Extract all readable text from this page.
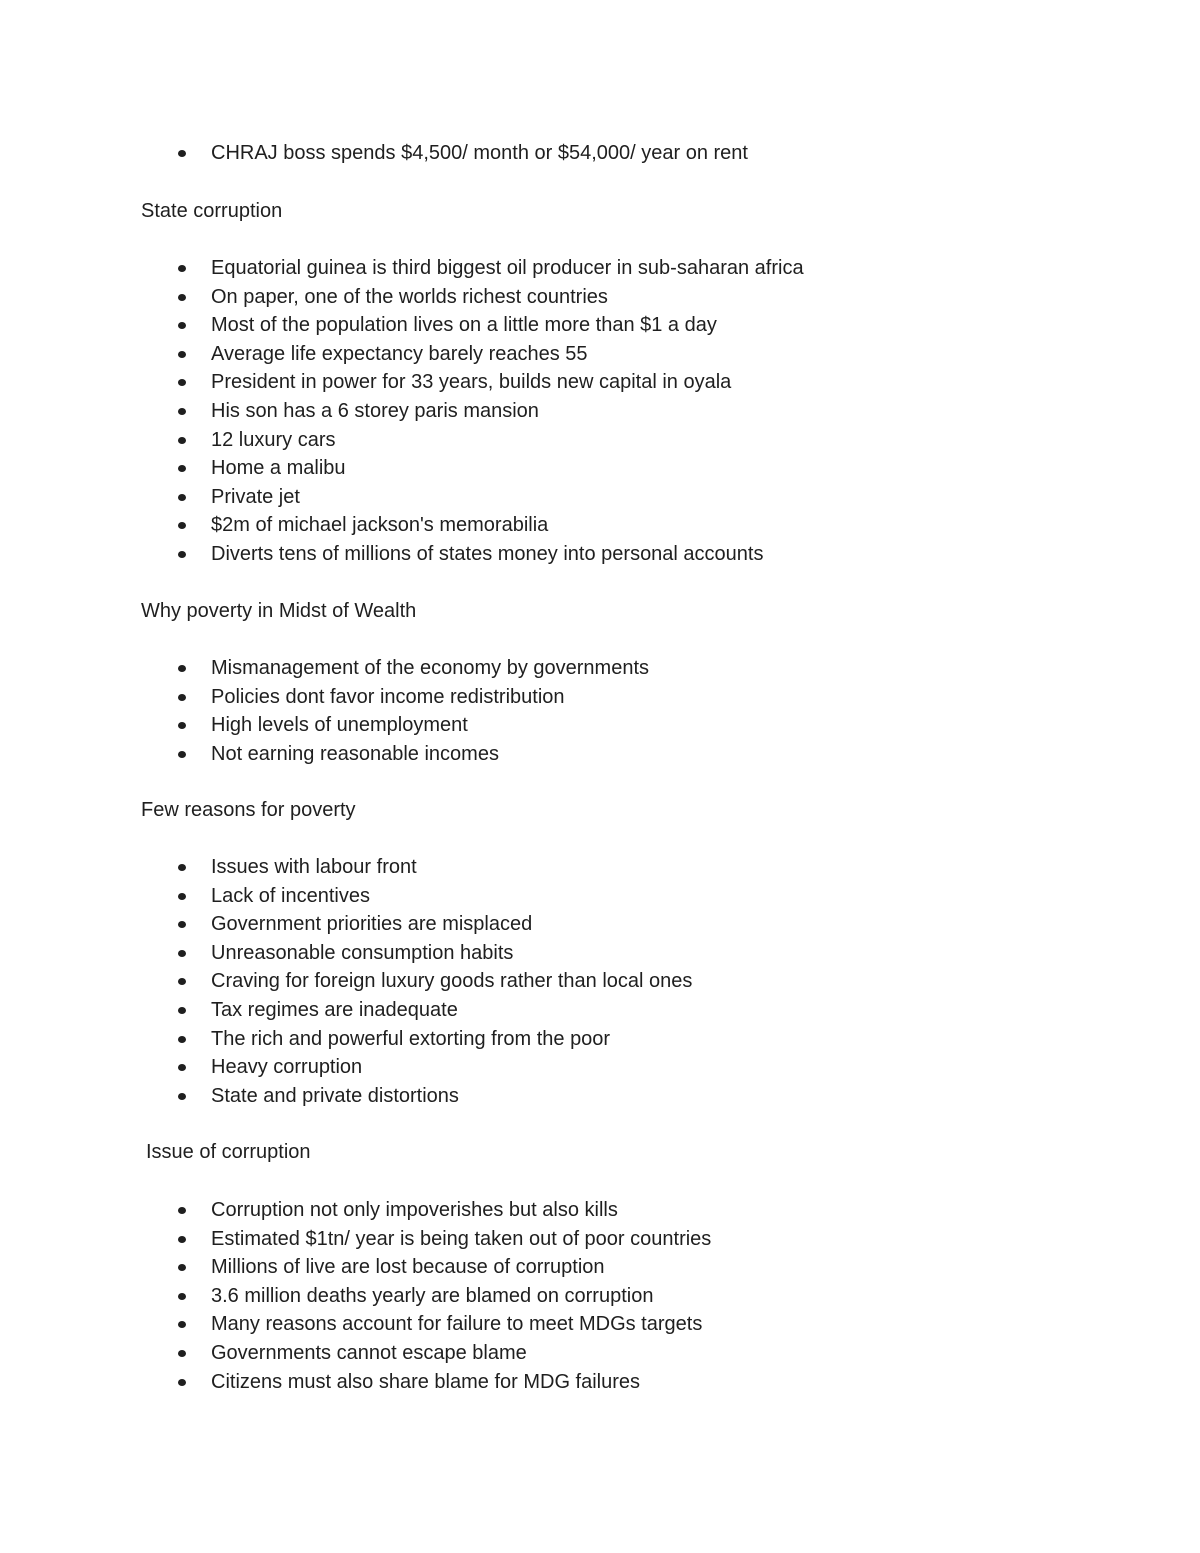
CHRAJ boss spends $4,500/ month or $54,000/ year on rent
State corruption
Equatorial guinea is third biggest oil producer in sub-saharan africa
On paper, one of the worlds richest countries
Most of the population lives on a little more than $1 a day
Average life expectancy barely reaches 55
President in power for 33 years, builds new capital in oyala
His son has a 6 storey paris mansion
12 luxury cars
Home a malibu
Private jet
$2m of michael jackson's memorabilia
Diverts tens of millions of states money into personal accounts
Why poverty in Midst of Wealth
Mismanagement of the economy by governments
Policies dont favor income redistribution
High levels of unemployment
Not earning reasonable incomes
Few reasons for poverty
Issues with labour front
Lack of incentives
Government priorities are misplaced
Unreasonable consumption habits
Craving for foreign luxury goods rather than local ones
Tax regimes are inadequate
The rich and powerful extorting from the poor
Heavy corruption
State and private distortions
Issue of corruption
Corruption not only impoverishes but also kills
Estimated $1tn/ year is being taken out of poor countries
Millions of live are lost because of corruption
3.6 million deaths yearly are blamed on corruption
Many reasons account for failure to meet MDGs targets
Governments cannot escape blame
Citizens must also share blame for MDG failures
